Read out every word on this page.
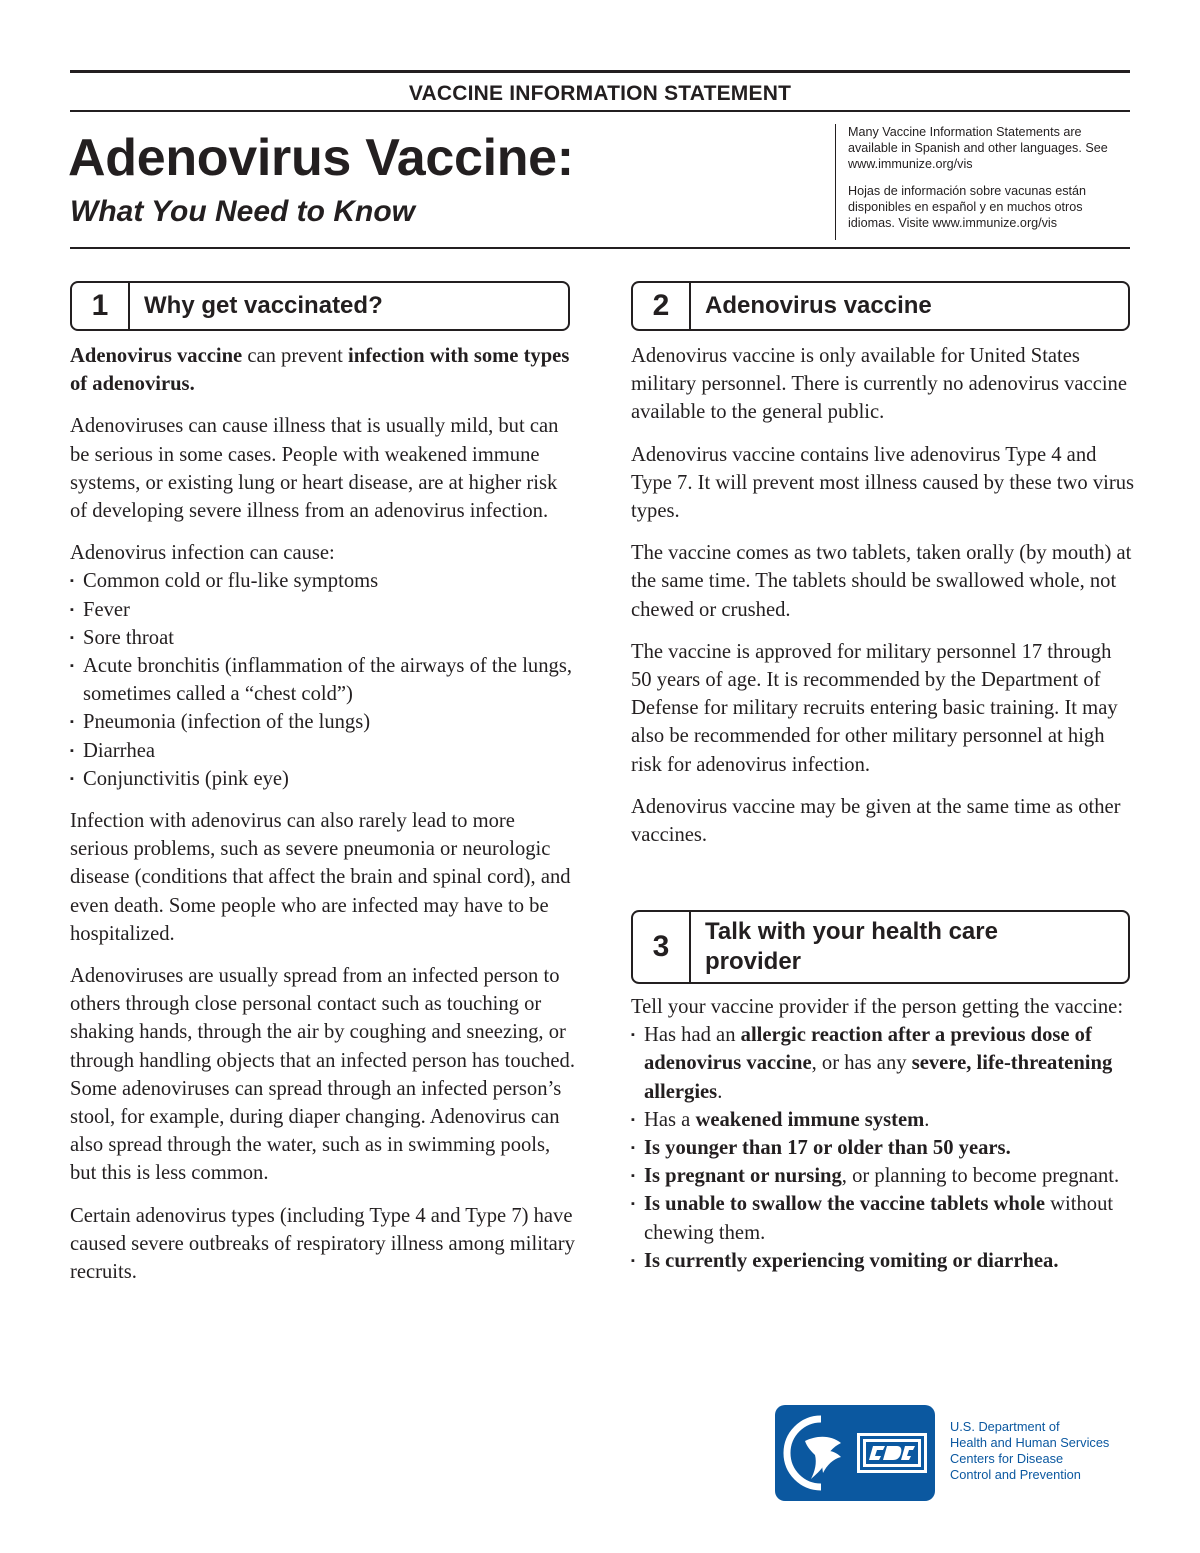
VACCINE INFORMATION STATEMENT
Adenovirus Vaccine:
What You Need to Know

Many Vaccine Information Statements are available in Spanish and other languages. See www.immunize.org/vis

Hojas de información sobre vacunas están disponibles en español y en muchos otros idiomas. Visite www.immunize.org/vis

1	Why get vaccinated?

Adenovirus vaccine can prevent infection with some types of adenovirus.

Adenoviruses can cause illness that is usually mild, but can be serious in some cases. People with weakened immune systems, or existing lung or heart disease, are at higher risk of developing severe illness from an adenovirus infection.

Adenovirus infection can cause:
▪ Common cold or flu-like symptoms
▪ Fever
▪ Sore throat
▪ Acute bronchitis (inflammation of the airways of the lungs, sometimes called a “chest cold”)
▪ Pneumonia (infection of the lungs)
▪ Diarrhea
▪ Conjunctivitis (pink eye)

Infection with adenovirus can also rarely lead to more serious problems, such as severe pneumonia or neurologic disease (conditions that affect the brain and spinal cord), and even death. Some people who are infected may have to be hospitalized.

Adenoviruses are usually spread from an infected person to others through close personal contact such as touching or shaking hands, through the air by coughing and sneezing, or through handling objects that an infected person has touched. Some adenoviruses can spread through an infected person’s stool, for example, during diaper changing. Adenovirus can also spread through the water, such as in swimming pools, but this is less common.

Certain adenovirus types (including Type 4 and Type 7) have caused severe outbreaks of respiratory illness among military recruits.

2	Adenovirus vaccine

Adenovirus vaccine is only available for United States military personnel. There is currently no adenovirus vaccine available to the general public.

Adenovirus vaccine contains live adenovirus Type 4 and Type 7. It will prevent most illness caused by these two virus types.

The vaccine comes as two tablets, taken orally (by mouth) at the same time. The tablets should be swallowed whole, not chewed or crushed.

The vaccine is approved for military personnel 17 through 50 years of age. It is recommended by the Department of Defense for military recruits entering basic training. It may also be recommended for other military personnel at high risk for adenovirus infection.

Adenovirus vaccine may be given at the same time as other vaccines.

3	Talk with your health care provider

Tell your vaccine provider if the person getting the vaccine:

▪ Has had an allergic reaction after a previous dose of adenovirus vaccine, or has any severe, life-threatening allergies.
▪ Has a weakened immune system.
▪ Is younger than 17 or older than 50 years.
▪ Is pregnant or nursing, or planning to become pregnant.
▪ Is unable to swallow the vaccine tablets whole without chewing them.
▪ Is currently experiencing vomiting or diarrhea.
U.S. Department of
Health and Human Services
Centers for Disease
Control and Prevention
